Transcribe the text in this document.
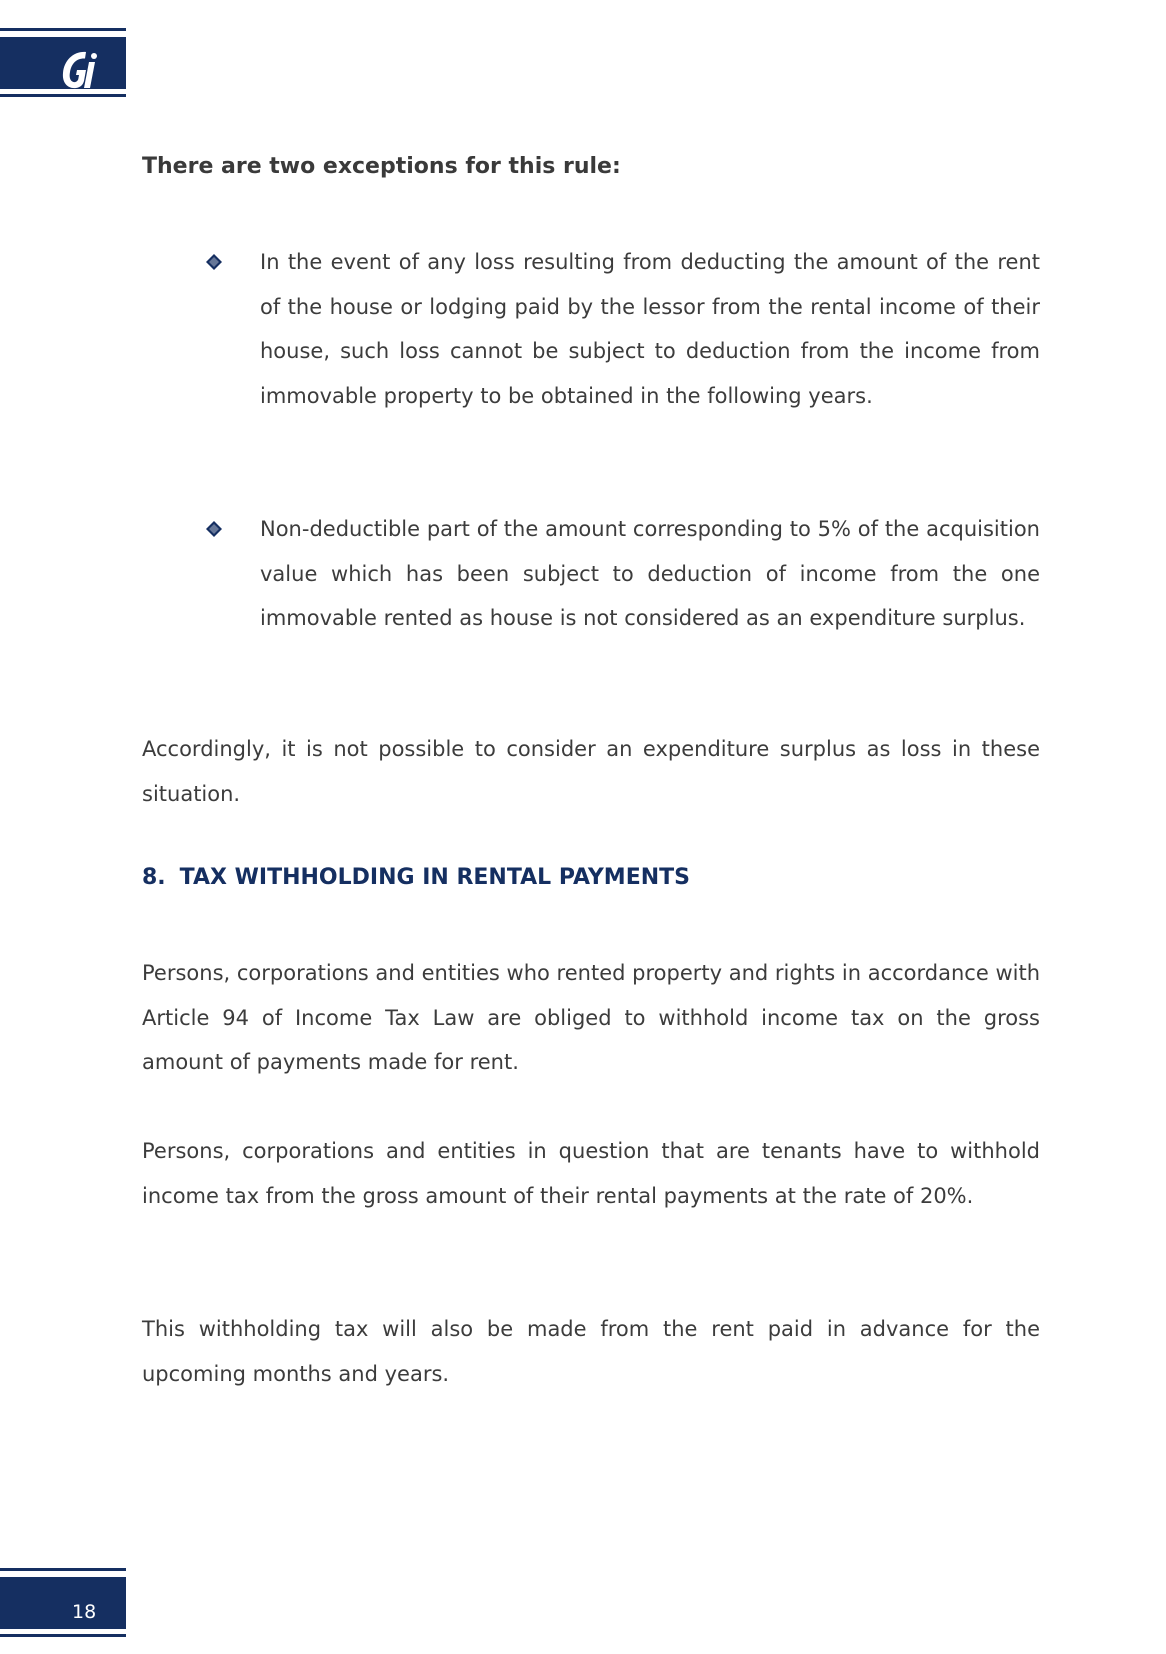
There are two exceptions for this rule:

In the event of any loss resulting from deducting the amount of the rent of the house or lodging paid by the lessor from the rental income of their house, such loss cannot be subject to deduction from the income from immovable property to be obtained in the following years.

Non-deductible part of the amount corresponding to 5% of the acquisition value which has been subject to deduction of income from the one immovable rented as house is not considered as an expenditure surplus.

Accordingly, it is not possible to consider an expenditure surplus as loss in these situation.

8. TAX WITHHOLDING IN RENTAL PAYMENTS

Persons, corporations and entities who rented property and rights in accordance with Article 94 of Income Tax Law are obliged to withhold income tax on the gross amount of payments made for rent.

Persons, corporations and entities in question that are tenants have to withhold income tax from the gross amount of their rental payments at the rate of 20%.

This withholding tax will also be made from the rent paid in advance for the upcoming months and years.

18
